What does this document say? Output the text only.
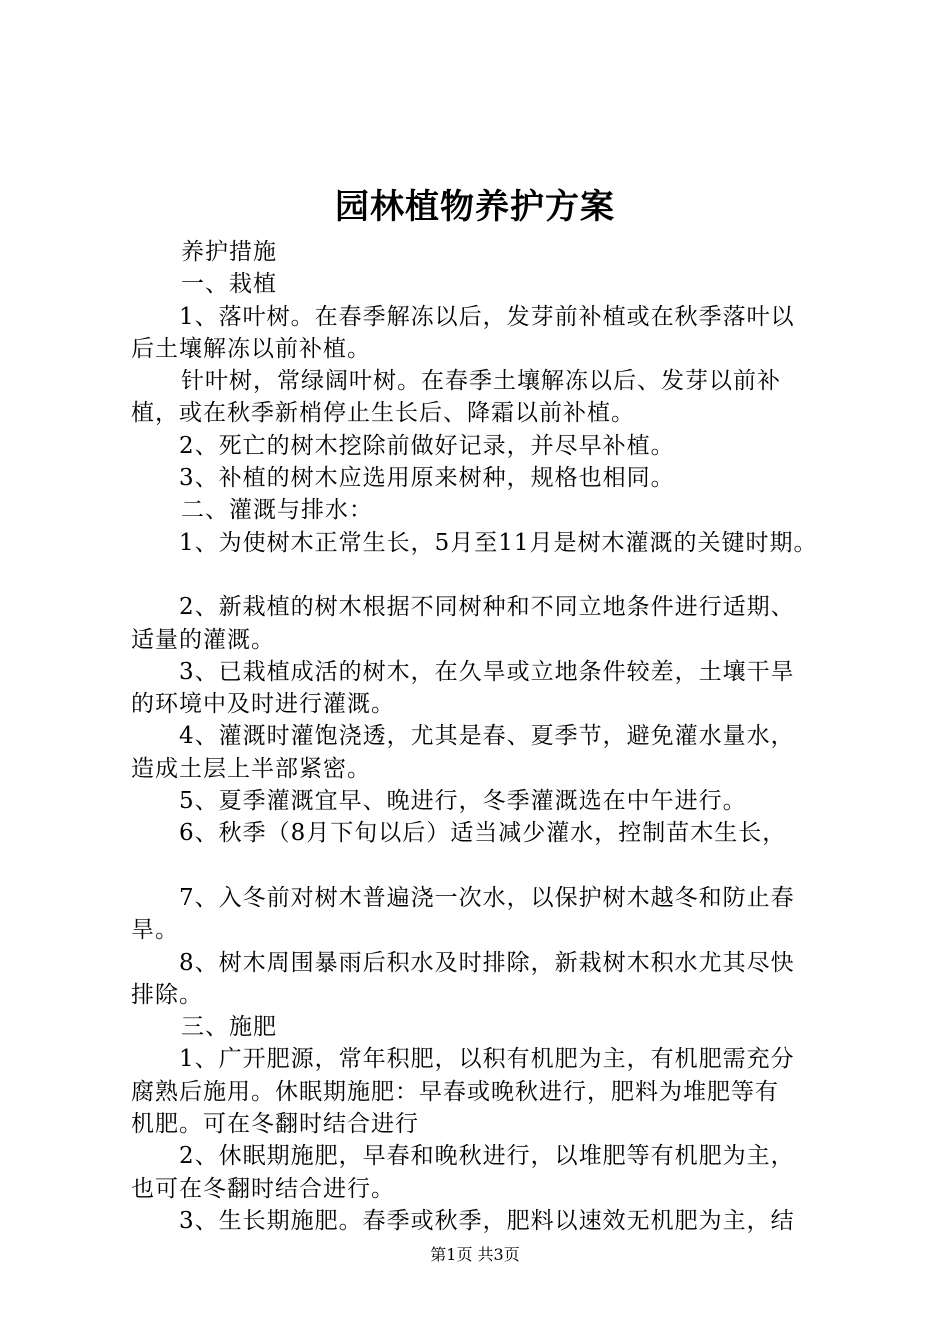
园林植物养护方案
养护措施
一、栽植
1、落叶树。在春季解冻以后，发芽前补植或在秋季落叶以
后土壤解冻以前补植。
针叶树，常绿阔叶树。在春季土壤解冻以后、发芽以前补
植，或在秋季新梢停止生长后、降霜以前补植。
2、死亡的树木挖除前做好记录，并尽早补植。
3、补植的树木应选用原来树种，规格也相同。
二、灌溉与排水：
1、为使树木正常生长，5月至11月是树木灌溉的关键时期。
2、新栽植的树木根据不同树种和不同立地条件进行适期、
适量的灌溉。
3、已栽植成活的树木，在久旱或立地条件较差，土壤干旱
的环境中及时进行灌溉。
4、灌溉时灌饱浇透，尤其是春、夏季节，避免灌水量水，
造成土层上半部紧密。
5、夏季灌溉宜早、晚进行，冬季灌溉选在中午进行。
6、秋季（8月下旬以后）适当减少灌水，控制苗木生长，
7、入冬前对树木普遍浇一次水，以保护树木越冬和防止春
旱。
8、树木周围暴雨后积水及时排除，新栽树木积水尤其尽快
排除。
三、施肥
1、广开肥源，常年积肥，以积有机肥为主，有机肥需充分
腐熟后施用。休眠期施肥：早春或晚秋进行，肥料为堆肥等有
机肥。可在冬翻时结合进行
2、休眠期施肥，早春和晚秋进行，以堆肥等有机肥为主，
也可在冬翻时结合进行。
3、生长期施肥。春季或秋季，肥料以速效无机肥为主，结
第1页 共3页
